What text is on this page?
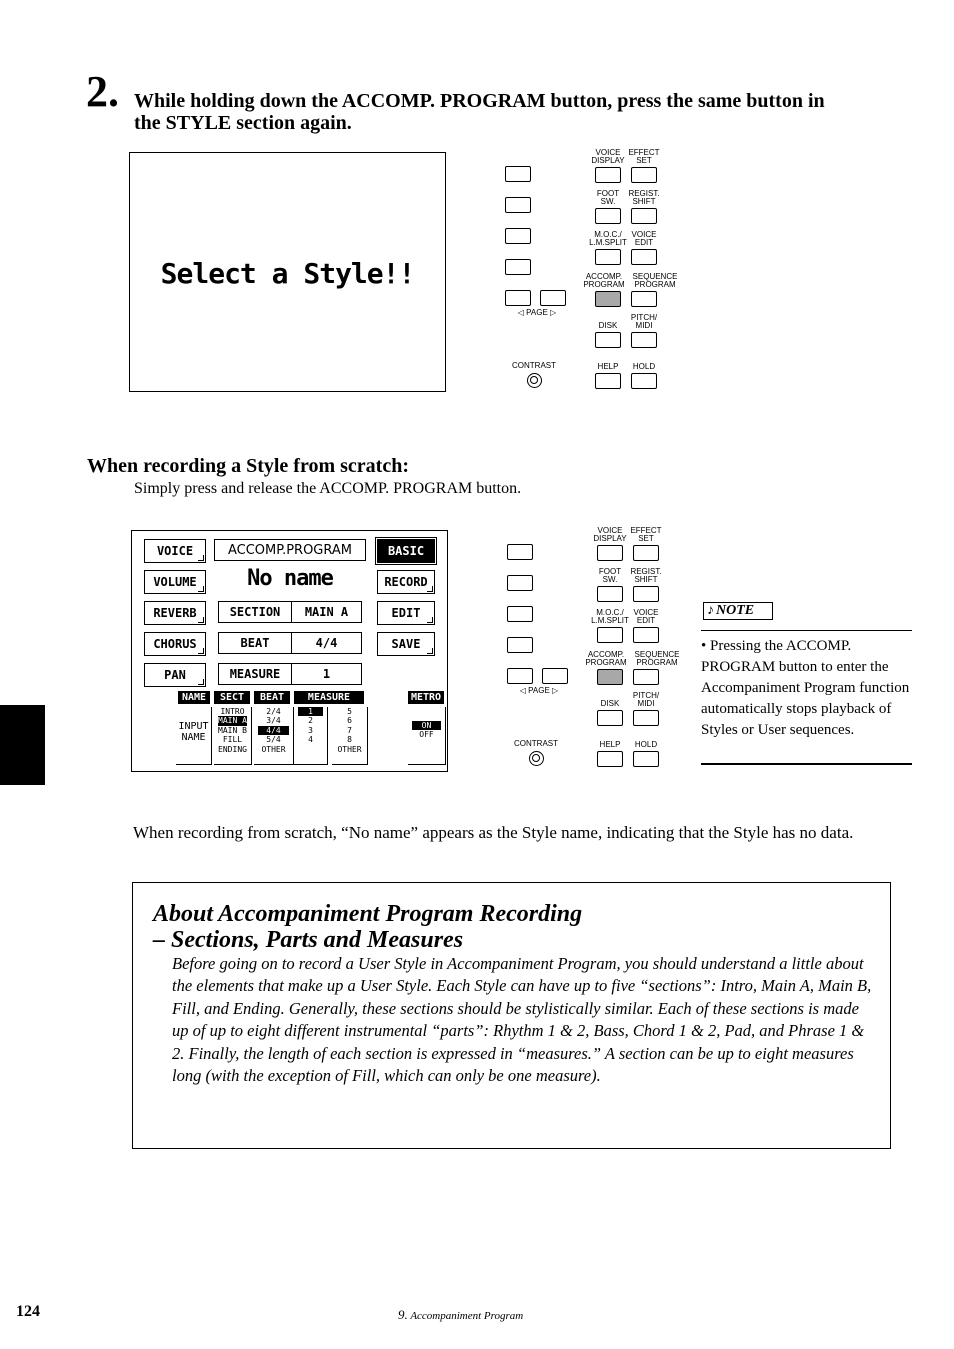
2. While holding down the ACCOMP. PROGRAM button, press the same button in the STYLE section again.
Select a Style!!
◁ PAGE ▷
CONTRAST
VOICE
DISPLAY
EFFECT
SET
FOOT
SW.
REGIST.
SHIFT
M.O.C./
L.M.SPLIT
VOICE
EDIT
ACCOMP.
PROGRAM
SEQUENCE
PROGRAM
DISK
PITCH/
MIDI
HELP	HOLD
When recording a Style from scratch:
Simply press and release the ACCOMP. PROGRAM button.
VOICE
VOLUME
REVERB
CHORUS
PAN
BASIC
RECORD
EDIT
SAVE
ACCOMP.PROGRAM
No name
SECTION	MAIN A
BEAT	4/4
MEASURE	1
NAME	SECT	BEAT	MEASURE	METRO
INPUT NAME
INTRO
MAIN A
MAIN B
FILL
ENDING
2/4
3/4
4/4
5/4
OTHER
1
2
3
4
5
6
7
8
OTHER
ON
OFF
◁ PAGE ▷
CONTRAST
VOICE
DISPLAY
EFFECT
SET
FOOT
SW.
REGIST.
SHIFT
M.O.C./
L.M.SPLIT
VOICE
EDIT
ACCOMP.
PROGRAM
SEQUENCE
PROGRAM
DISK
PITCH/
MIDI
HELP	HOLD
♪ NOTE
• Pressing the ACCOMP. PROGRAM button to enter the Accompaniment Program function automatically stops playback of Styles or User sequences.
When recording from scratch, “No name” appears as the Style name, indicating that the Style has no data.
About Accompaniment Program Recording
– Sections, Parts and Measures
Before going on to record a User Style in Accompaniment Program, you should understand a little about the elements that make up a User Style. Each Style can have up to five “sections”: Intro, Main A, Main B, Fill, and Ending. Generally, these sections should be stylistically similar. Each of these sections is made up of up to eight different instrumental “parts”: Rhythm 1 & 2, Bass, Chord 1 & 2, Pad, and Phrase 1 & 2. Finally, the length of each section is expressed in “measures.” A section can be up to eight measures long (with the exception of Fill, which can only be one measure).
124	9. Accompaniment Program
